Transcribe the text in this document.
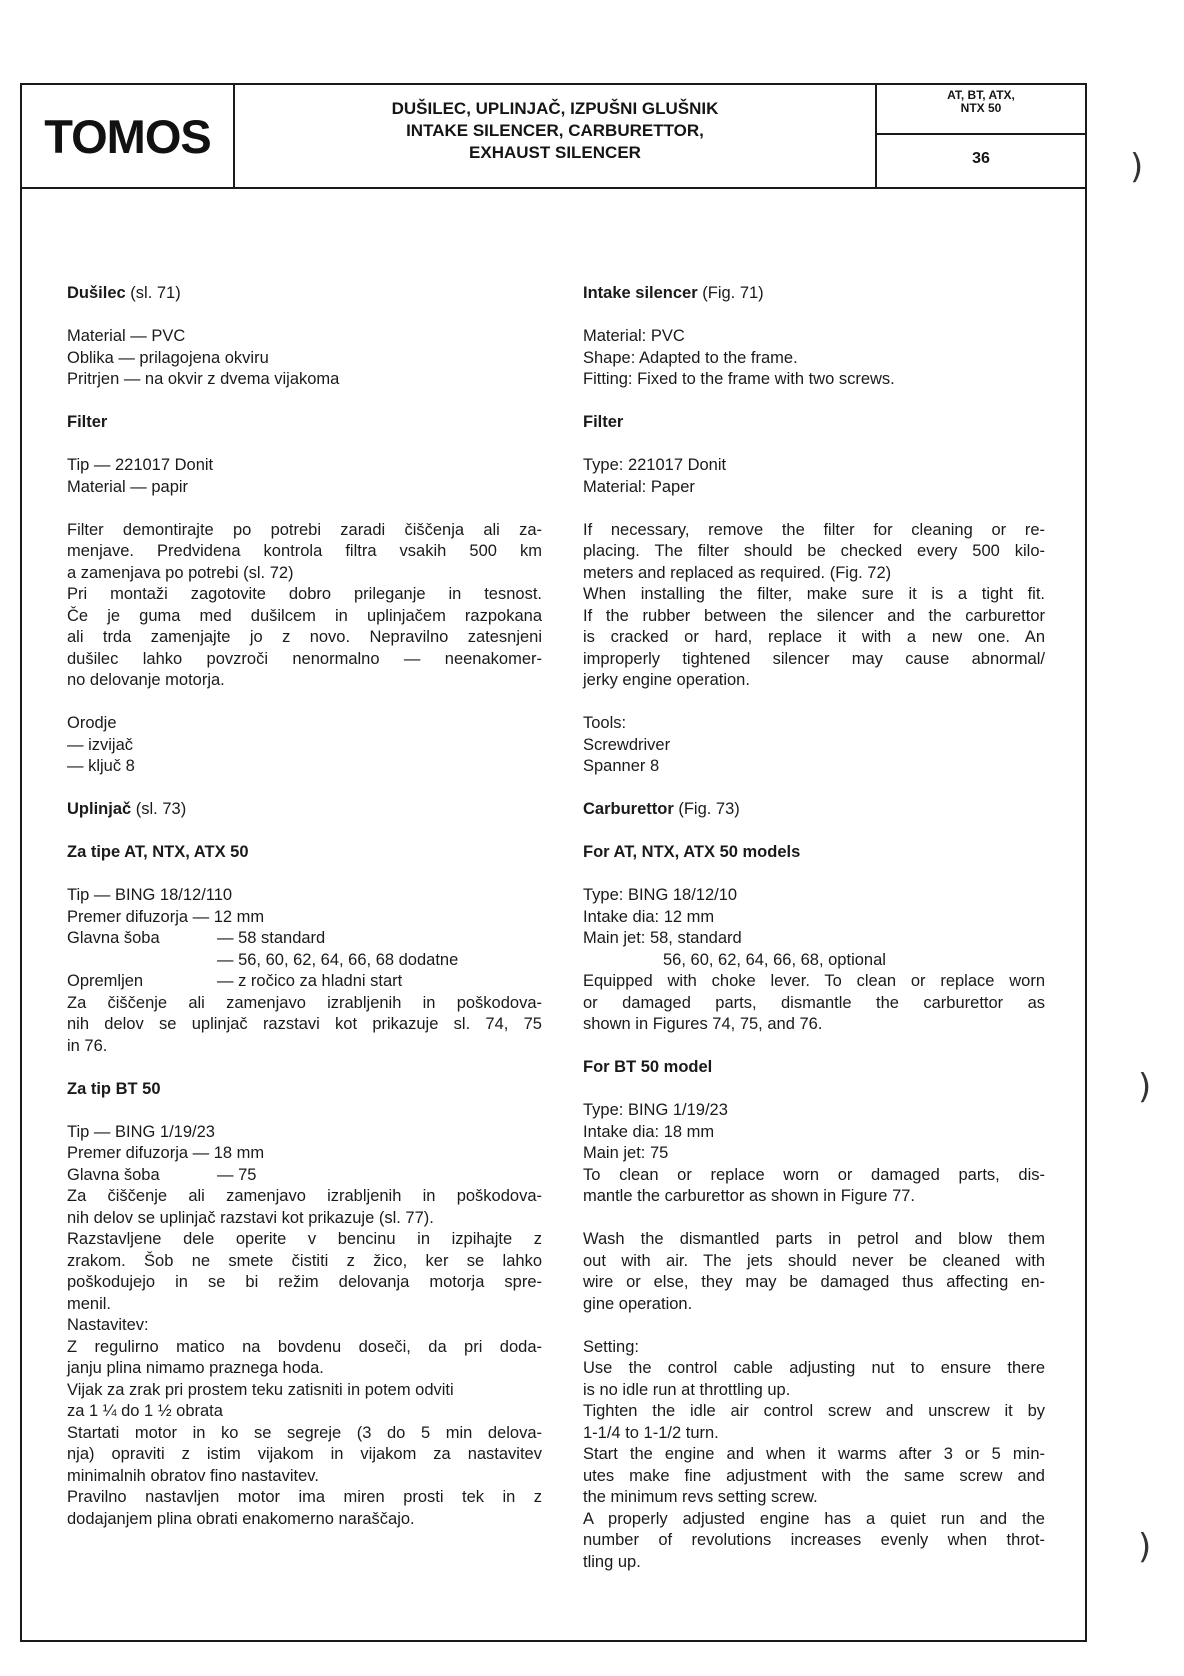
TOMOS
DUŠILEC, UPLINJAČ, IZPUŠNI GLUŠNIK
INTAKE SILENCER, CARBURETTOR,
EXHAUST SILENCER
AT, BT, ATX,
NTX 50
36
Dušilec (sl. 71)
Material — PVC
Oblika — prilagojena okviru
Pritrjen — na okvir z dvema vijakoma
Filter
Tip — 221017 Donit
Material — papir
Filter demontirajte po potrebi zaradi čiščenja ali za-
menjave. Predvidena kontrola filtra vsakih 500 km
a zamenjava po potrebi (sl. 72)
Pri montaži zagotovite dobro prileganje in tesnost.
Če je guma med dušilcem in uplinjačem razpokana
ali trda zamenjajte jo z novo. Nepravilno zatesnjeni
dušilec lahko povzroči nenormalno — neenakomer-
no delovanje motorja.
Orodje
— izvijač
— ključ 8
Uplinjač (sl. 73)
Za tipe AT, NTX, ATX 50
Tip — BING 18/12/110
Premer difuzorja — 12 mm
Glavna šoba	— 58 standard
— 56, 60, 62, 64, 66, 68 dodatne
Opremljen	— z ročico za hladni start
Za čiščenje ali zamenjavo izrabljenih in poškodova-
nih delov se uplinjač razstavi kot prikazuje sl. 74, 75
in 76.
Za tip BT 50
Tip — BING 1/19/23
Premer difuzorja — 18 mm
Glavna šoba	— 75
Za čiščenje ali zamenjavo izrabljenih in poškodova-
nih delov se uplinjač razstavi kot prikazuje (sl. 77).
Razstavljene dele operite v bencinu in izpihajte z
zrakom. Šob ne smete čistiti z žico, ker se lahko
poškodujejo in se bi režim delovanja motorja spre-
menil.
Nastavitev:
Z regulirno matico na bovdenu doseči, da pri doda-
janju plina nimamo praznega hoda.
Vijak za zrak pri prostem teku zatisniti in potem odviti
za 1 ¼ do 1 ½ obrata
Startati motor in ko se segreje (3 do 5 min delova-
nja) opraviti z istim vijakom in vijakom za nastavitev
minimalnih obratov fino nastavitev.
Pravilno nastavljen motor ima miren prosti tek in z
dodajanjem plina obrati enakomerno naraščajo.
Intake silencer (Fig. 71)
Material: PVC
Shape: Adapted to the frame.
Fitting: Fixed to the frame with two screws.
Filter
Type: 221017 Donit
Material: Paper
If necessary, remove the filter for cleaning or re-
placing. The filter should be checked every 500 kilo-
meters and replaced as required. (Fig. 72)
When installing the filter, make sure it is a tight fit.
If the rubber between the silencer and the carburettor
is cracked or hard, replace it with a new one. An
improperly tightened silencer may cause abnormal/
jerky engine operation.
Tools:
Screwdriver
Spanner 8
Carburettor (Fig. 73)
For AT, NTX, ATX 50 models
Type: BING 18/12/10
Intake dia: 12 mm
Main jet: 58, standard
56, 60, 62, 64, 66, 68, optional
Equipped with choke lever. To clean or replace worn
or damaged parts, dismantle the carburettor as
shown in Figures 74, 75, and 76.
For BT 50 model
Type: BING 1/19/23
Intake dia: 18 mm
Main jet: 75
To clean or replace worn or damaged parts, dis-
mantle the carburettor as shown in Figure 77.
Wash the dismantled parts in petrol and blow them
out with air. The jets should never be cleaned with
wire or else, they may be damaged thus affecting en-
gine operation.
Setting:
Use the control cable adjusting nut to ensure there
is no idle run at throttling up.
Tighten the idle air control screw and unscrew it by
1-1/4 to 1-1/2 turn.
Start the engine and when it warms after 3 or 5 min-
utes make fine adjustment with the same screw and
the minimum revs setting screw.
A properly adjusted engine has a quiet run and the
number of revolutions increases evenly when throt-
tling up.
)
)
)
